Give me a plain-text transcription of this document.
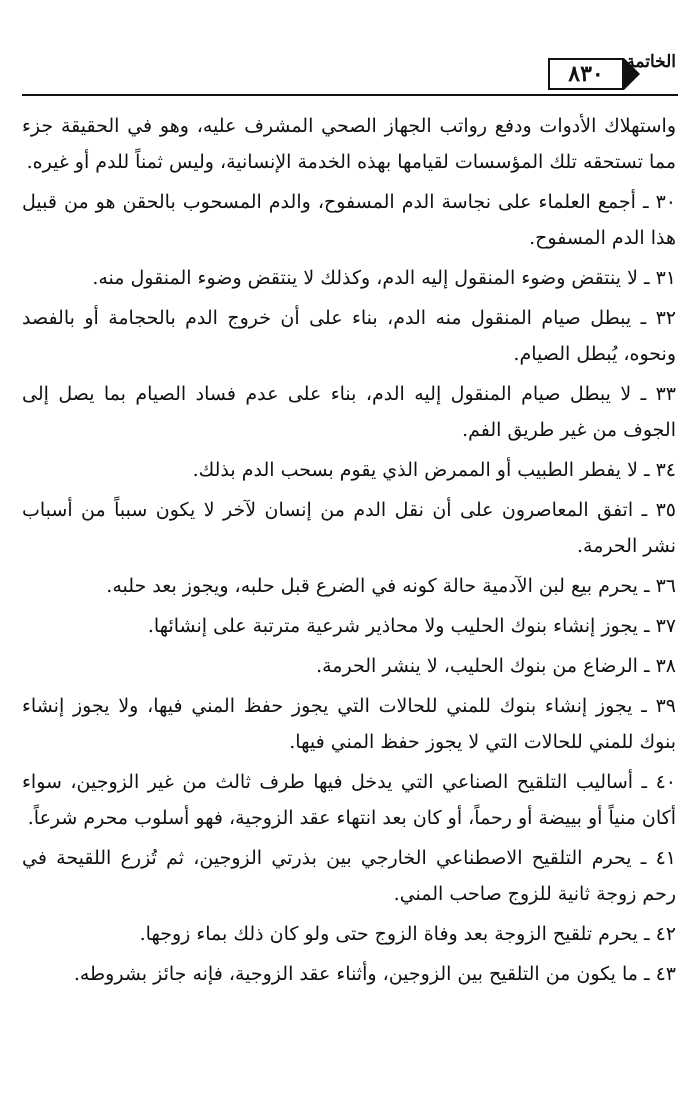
الخاتمة
٨٣٠

واستهلاك الأدوات ودفع رواتب الجهاز الصحي المشرف عليه، وهو في الحقيقة جزء مما تستحقه تلك المؤسسات لقيامها بهذه الخدمة الإنسانية، وليس ثمناً للدم أو غيره.

٣٠ ـ أجمع العلماء على نجاسة الدم المسفوح، والدم المسحوب بالحقن هو من قبيل هذا الدم المسفوح.

٣١ ـ لا ينتقض وضوء المنقول إليه الدم، وكذلك لا ينتقض وضوء المنقول منه.

٣٢ ـ يبطل صيام المنقول منه الدم، بناء على أن خروج الدم بالحجامة أو بالفصد ونحوه، يُبطل الصيام.

٣٣ ـ لا يبطل صيام المنقول إليه الدم، بناء على عدم فساد الصيام بما يصل إلى الجوف من غير طريق الفم.

٣٤ ـ لا يفطر الطبيب أو الممرض الذي يقوم بسحب الدم بذلك.

٣٥ ـ اتفق المعاصرون على أن نقل الدم من إنسان لآخر لا يكون سبباً من أسباب نشر الحرمة.

٣٦ ـ يحرم بيع لبن الآدمية حالة كونه في الضرع قبل حلبه، ويجوز بعد حلبه.

٣٧ ـ يجوز إنشاء بنوك الحليب ولا محاذير شرعية مترتبة على إنشائها.

٣٨ ـ الرضاع من بنوك الحليب، لا ينشر الحرمة.

٣٩ ـ يجوز إنشاء بنوك للمني للحالات التي يجوز حفظ المني فيها، ولا يجوز إنشاء بنوك للمني للحالات التي لا يجوز حفظ المني فيها.

٤٠ ـ أساليب التلقيح الصناعي التي يدخل فيها طرف ثالث من غير الزوجين، سواء أكان منياً أو بييضة أو رحماً، أو كان بعد انتهاء عقد الزوجية، فهو أسلوب محرم شرعاً.

٤١ ـ يحرم التلقيح الاصطناعي الخارجي بين بذرتي الزوجين، ثم تُزرع اللقيحة في رحم زوجة ثانية للزوج صاحب المني.

٤٢ ـ يحرم تلقيح الزوجة بعد وفاة الزوج حتى ولو كان ذلك بماء زوجها.

٤٣ ـ ما يكون من التلقيح بين الزوجين، وأثناء عقد الزوجية، فإنه جائز بشروطه.
